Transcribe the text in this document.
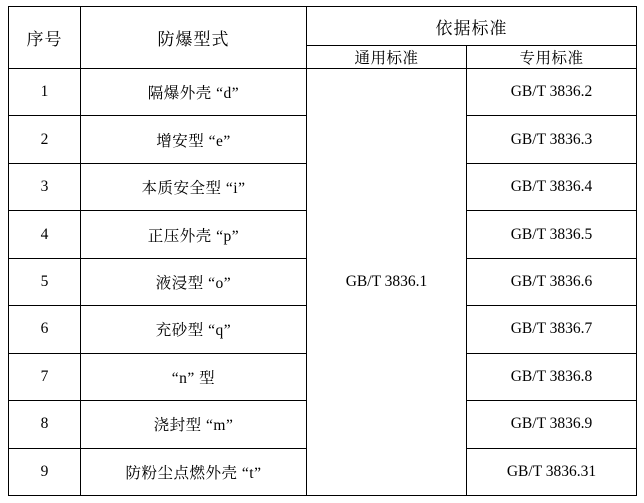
序号	防爆型式	依据标准	
		通用标准	专用标准
1	隔爆外壳 “d”	GB/T 3836.1	GB/T 3836.2
2	增安型 “e”		GB/T 3836.3
3	本质安全型 “i”		GB/T 3836.4
4	正压外壳 “p”		GB/T 3836.5
5	液浸型 “o”		GB/T 3836.6
6	充砂型 “q”		GB/T 3836.7
7	“n” 型		GB/T 3836.8
8	浇封型 “m”		GB/T 3836.9
9	防粉尘点燃外壳 “t”		GB/T 3836.31
